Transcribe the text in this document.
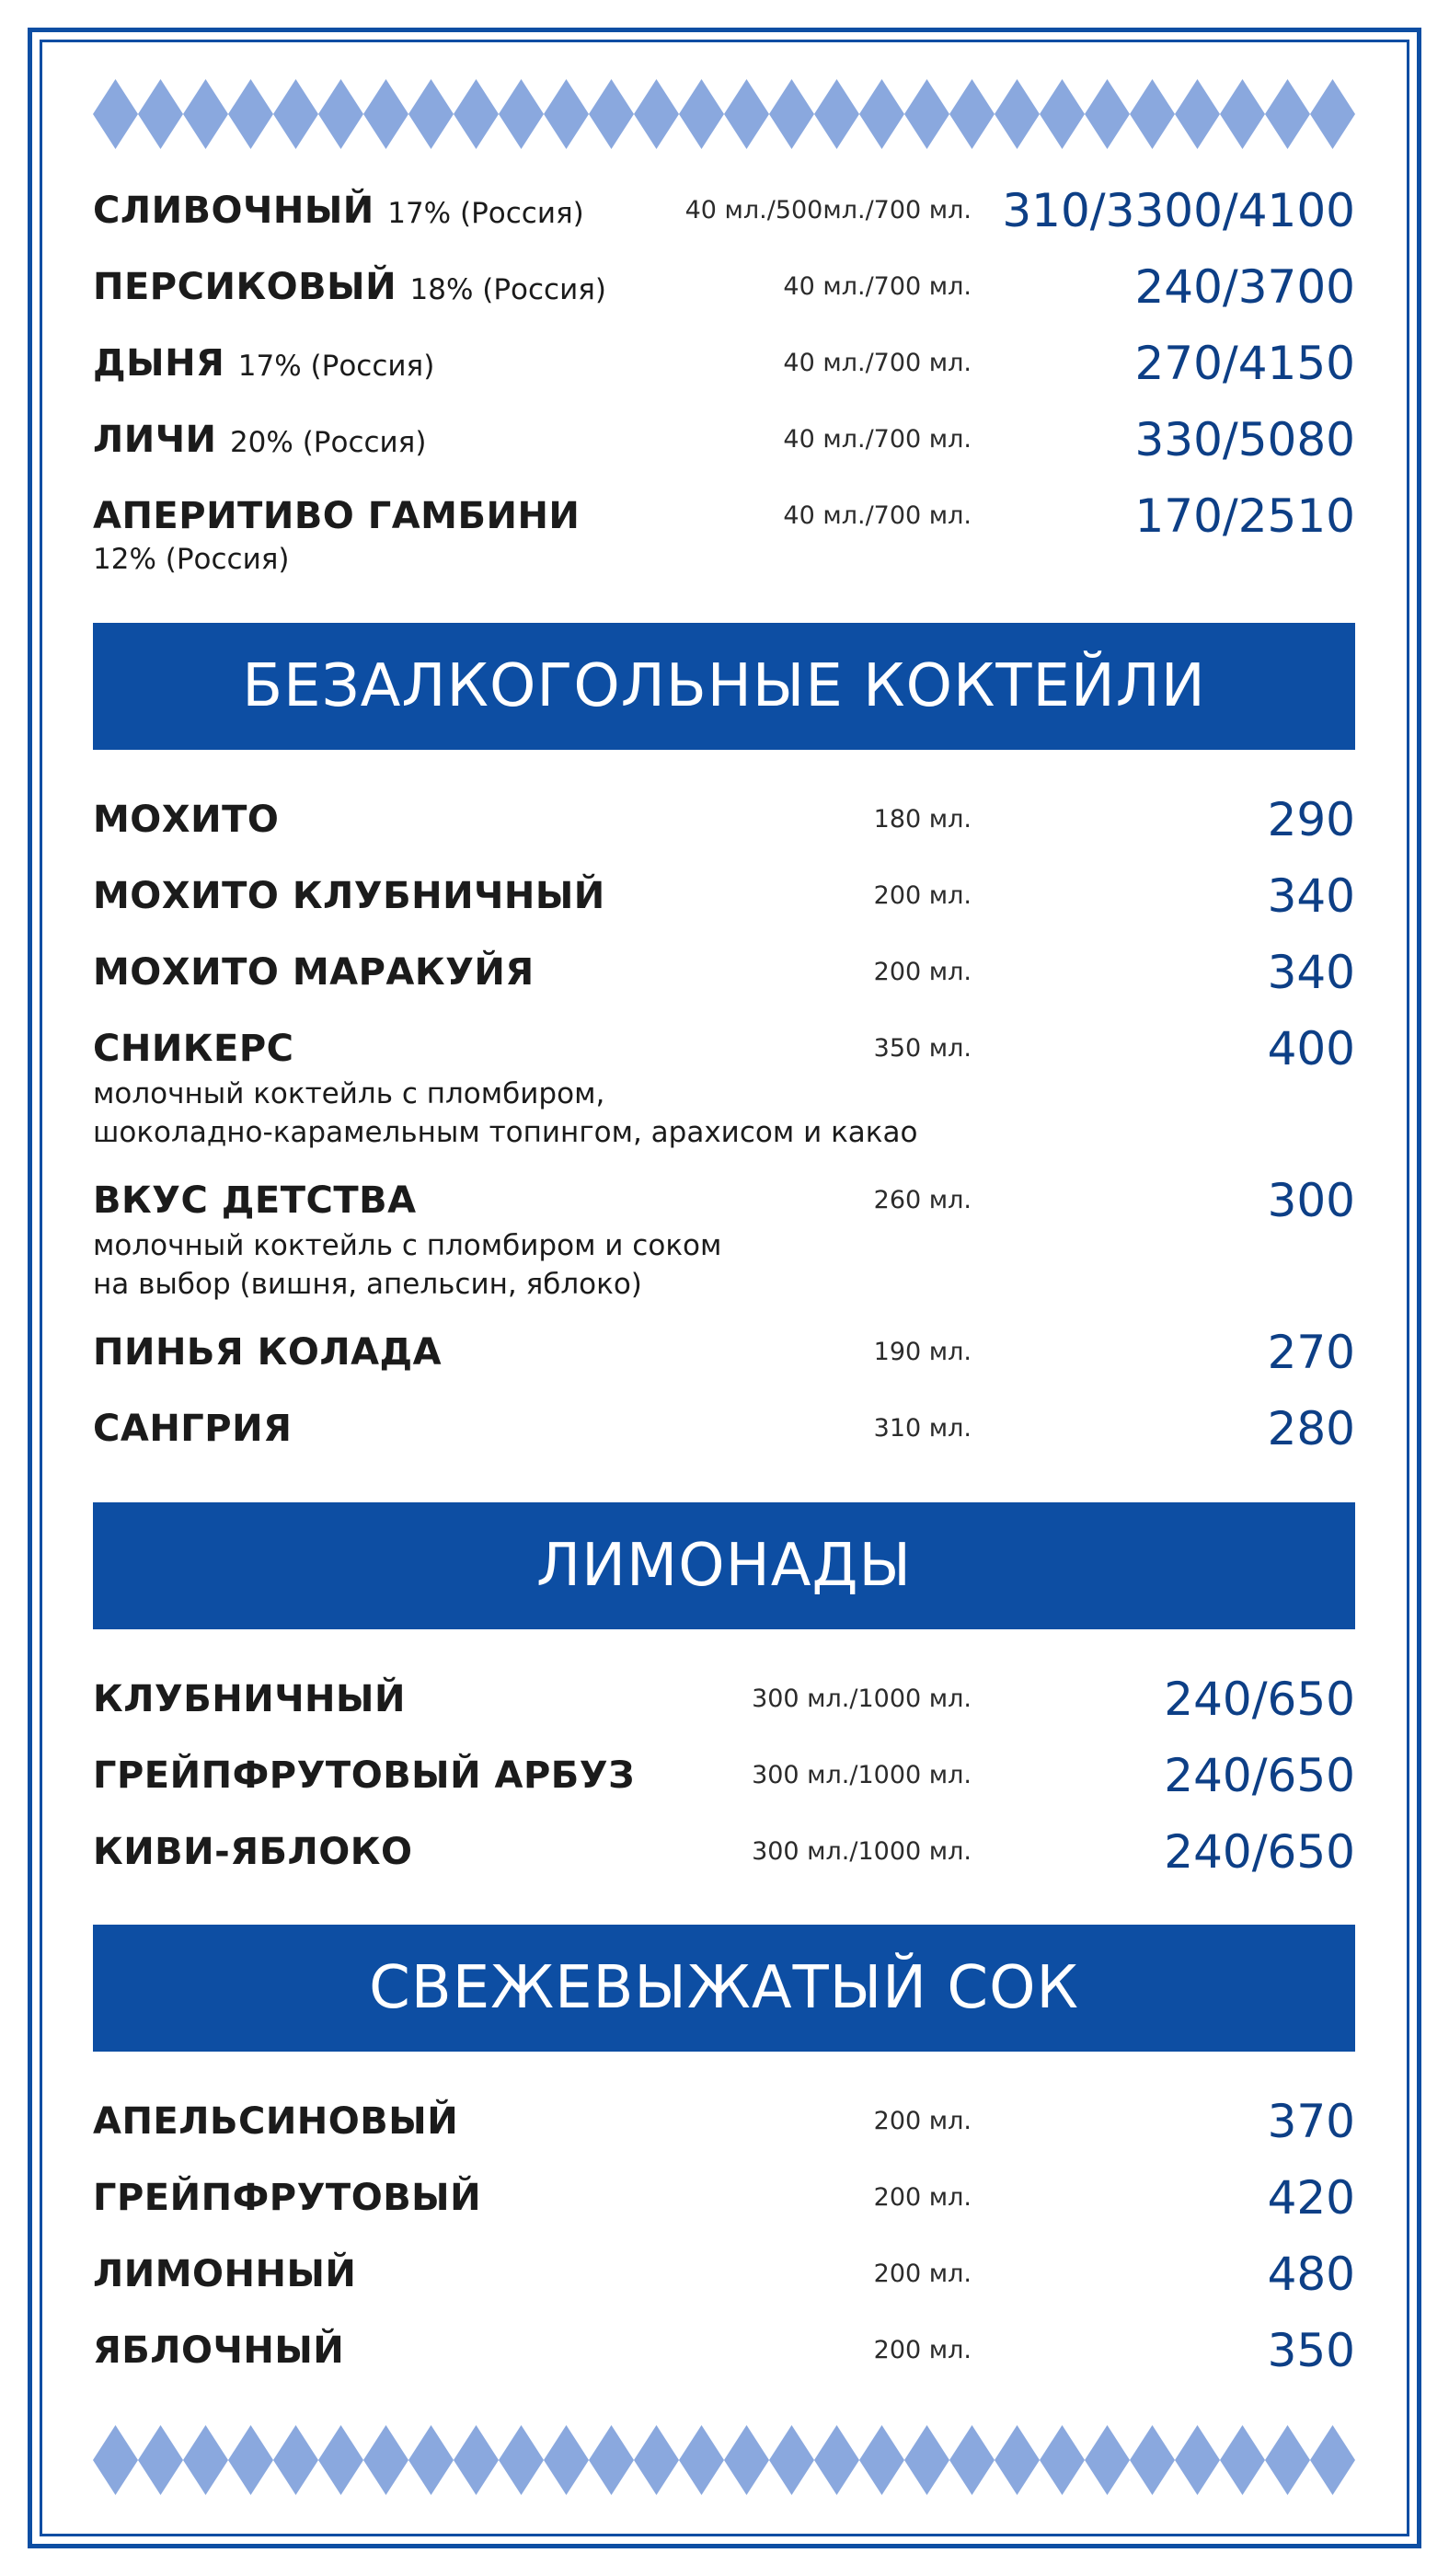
СЛИВОЧНЫЙ 17% (Россия)	40 мл./500мл./700 мл. 310/3300/4100
ПЕРСИКОВЫЙ 18% (Россия)	40 мл./700 мл.	240/3700
ДЫНЯ 17% (Россия)	40 мл./700 мл.	270/4150
ЛИЧИ 20% (Россия)	40 мл./700 мл.	330/5080
АПЕРИТИВО ГАМБИНИ
12% (Россия)
40 мл./700 мл.	170/2510
БЕЗАЛКОГОЛЬНЫЕ КОКТЕЙЛИ
МОХИТО	180 мл.	290
МОХИТО КЛУБНИЧНЫЙ	200 мл.	340
МОХИТО МАРАКУЙЯ	200 мл.	340
СНИКЕРС
молочный коктейль с пломбиром,
шоколадно-карамельным топингом, арахисом и какао
350 мл.	400
ВКУС ДЕТСТВА
молочный коктейль с пломбиром и соком
на выбор (вишня, апельсин, яблоко)
260 мл.	300
ПИНЬЯ КОЛАДА	190 мл.	270
САНГРИЯ	310 мл.	280
ЛИМОНАДЫ
КЛУБНИЧНЫЙ	300 мл./1000 мл.	240/650
ГРЕЙПФРУТОВЫЙ АРБУЗ	300 мл./1000 мл.	240/650
КИВИ-ЯБЛОКО	300 мл./1000 мл.	240/650
СВЕЖЕВЫЖАТЫЙ СОК
АПЕЛЬСИНОВЫЙ	200 мл.	370
ГРЕЙПФРУТОВЫЙ	200 мл.	420
ЛИМОННЫЙ	200 мл.	480
ЯБЛОЧНЫЙ	200 мл.	350
